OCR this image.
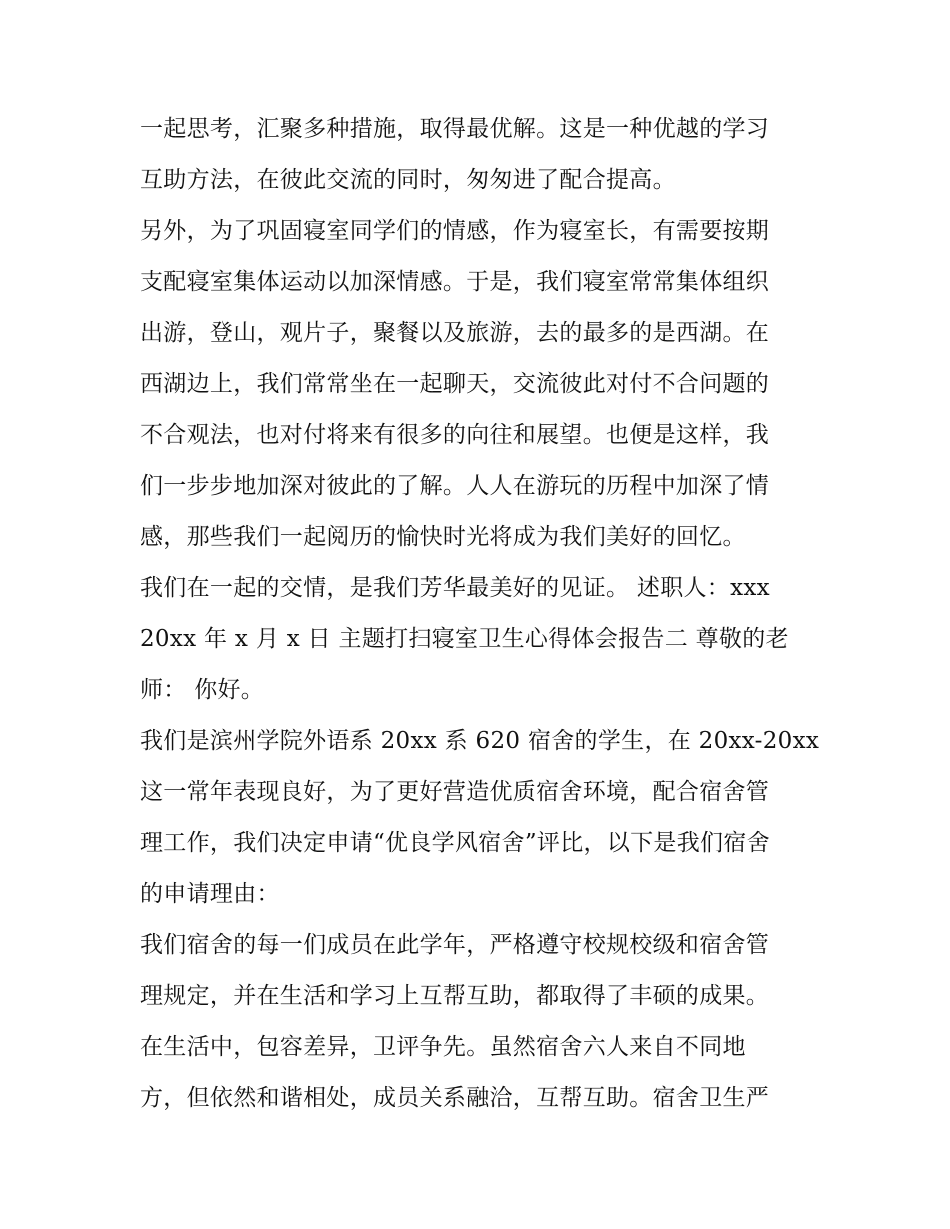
一起思考，汇聚多种措施，取得最优解。这是一种优越的学习
互助方法，在彼此交流的同时，匆匆进了配合提高。
另外，为了巩固寝室同学们的情感，作为寝室长，有需要按期
支配寝室集体运动以加深情感。于是，我们寝室常常集体组织
出游，登山，观片子，聚餐以及旅游，去的最多的是西湖。在
西湖边上，我们常常坐在一起聊天，交流彼此对付不合问题的
不合观法，也对付将来有很多的向往和展望。也便是这样，我
们一步步地加深对彼此的了解。人人在游玩的历程中加深了情
感，那些我们一起阅历的愉快时光将成为我们美好的回忆。
我们在一起的交情，是我们芳华最美好的见证。 述职人：xxx
20xx 年 x 月 x 日 主题打扫寝室卫生心得体会报告二 尊敬的老
师： 你好。
我们是滨州学院外语系 20xx 系 620 宿舍的学生，在 20xx-20xx
这一常年表现良好，为了更好营造优质宿舍环境，配合宿舍管
理工作，我们决定申请“优良学风宿舍”评比，以下是我们宿舍
的申请理由：
我们宿舍的每一们成员在此学年，严格遵守校规校级和宿舍管
理规定，并在生活和学习上互帮互助，都取得了丰硕的成果。
在生活中，包容差异，卫评争先。虽然宿舍六人来自不同地
方，但依然和谐相处，成员关系融洽，互帮互助。宿舍卫生严
